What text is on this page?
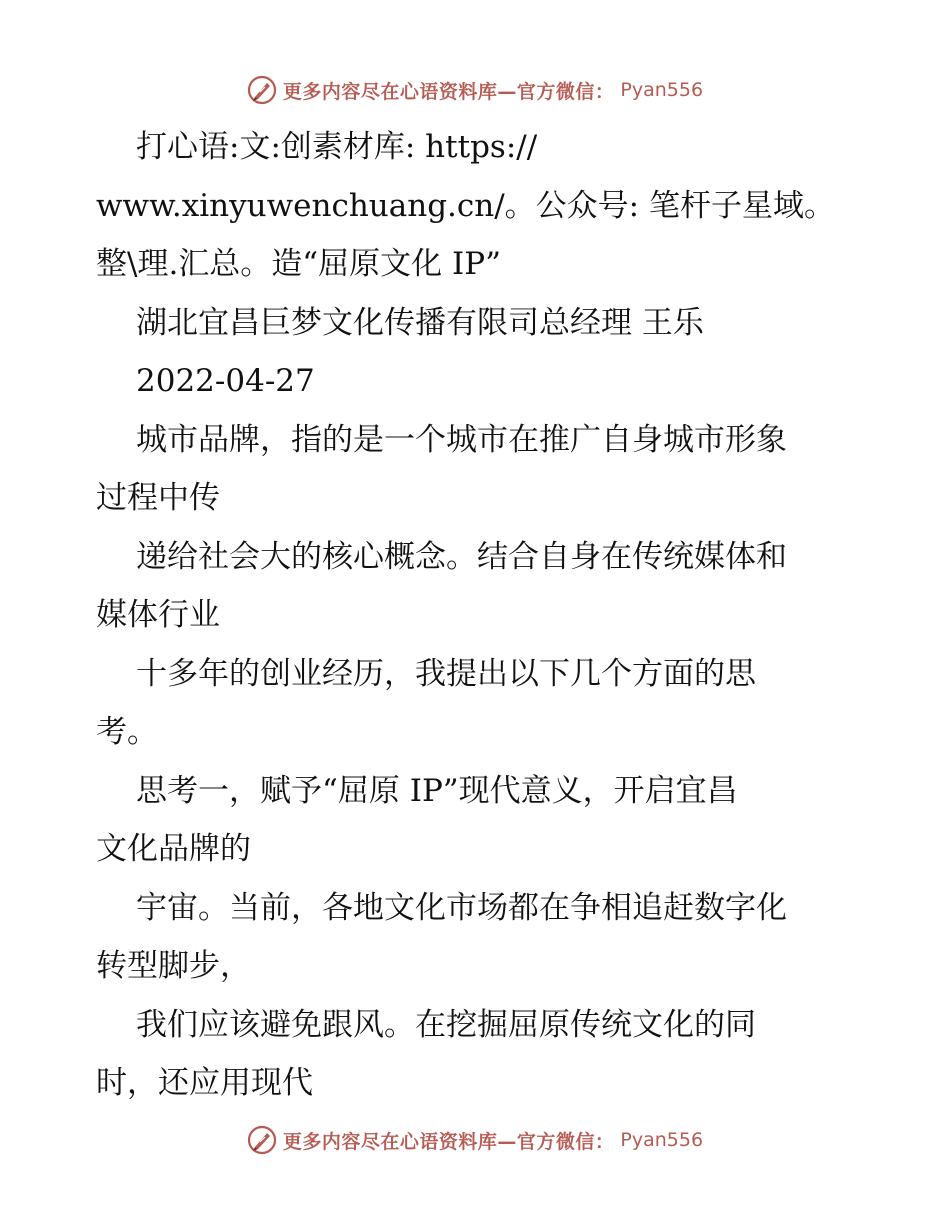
更多内容尽在心语资料库—官方微信： Pyan556
打心语:文:创素材库: https://
www.xinyuwenchuang.cn/。公众号: 笔杆子星域。
整\理.汇总。造“屈原文化 IP”
湖北宜昌巨梦文化传播有限司总经理 王乐
2022-04-27
城市品牌，指的是一个城市在推广自身城市形象
过程中传
递给社会大的核心概念。结合自身在传统媒体和
媒体行业
十多年的创业经历，我提出以下几个方面的思
考。
思考一，赋予“屈原 IP”现代意义，开启宜昌
文化品牌的
宇宙。当前，各地文化市场都在争相追赶数字化
转型脚步，
我们应该避免跟风。在挖掘屈原传统文化的同
时，还应用现代
更多内容尽在心语资料库—官方微信： Pyan556
